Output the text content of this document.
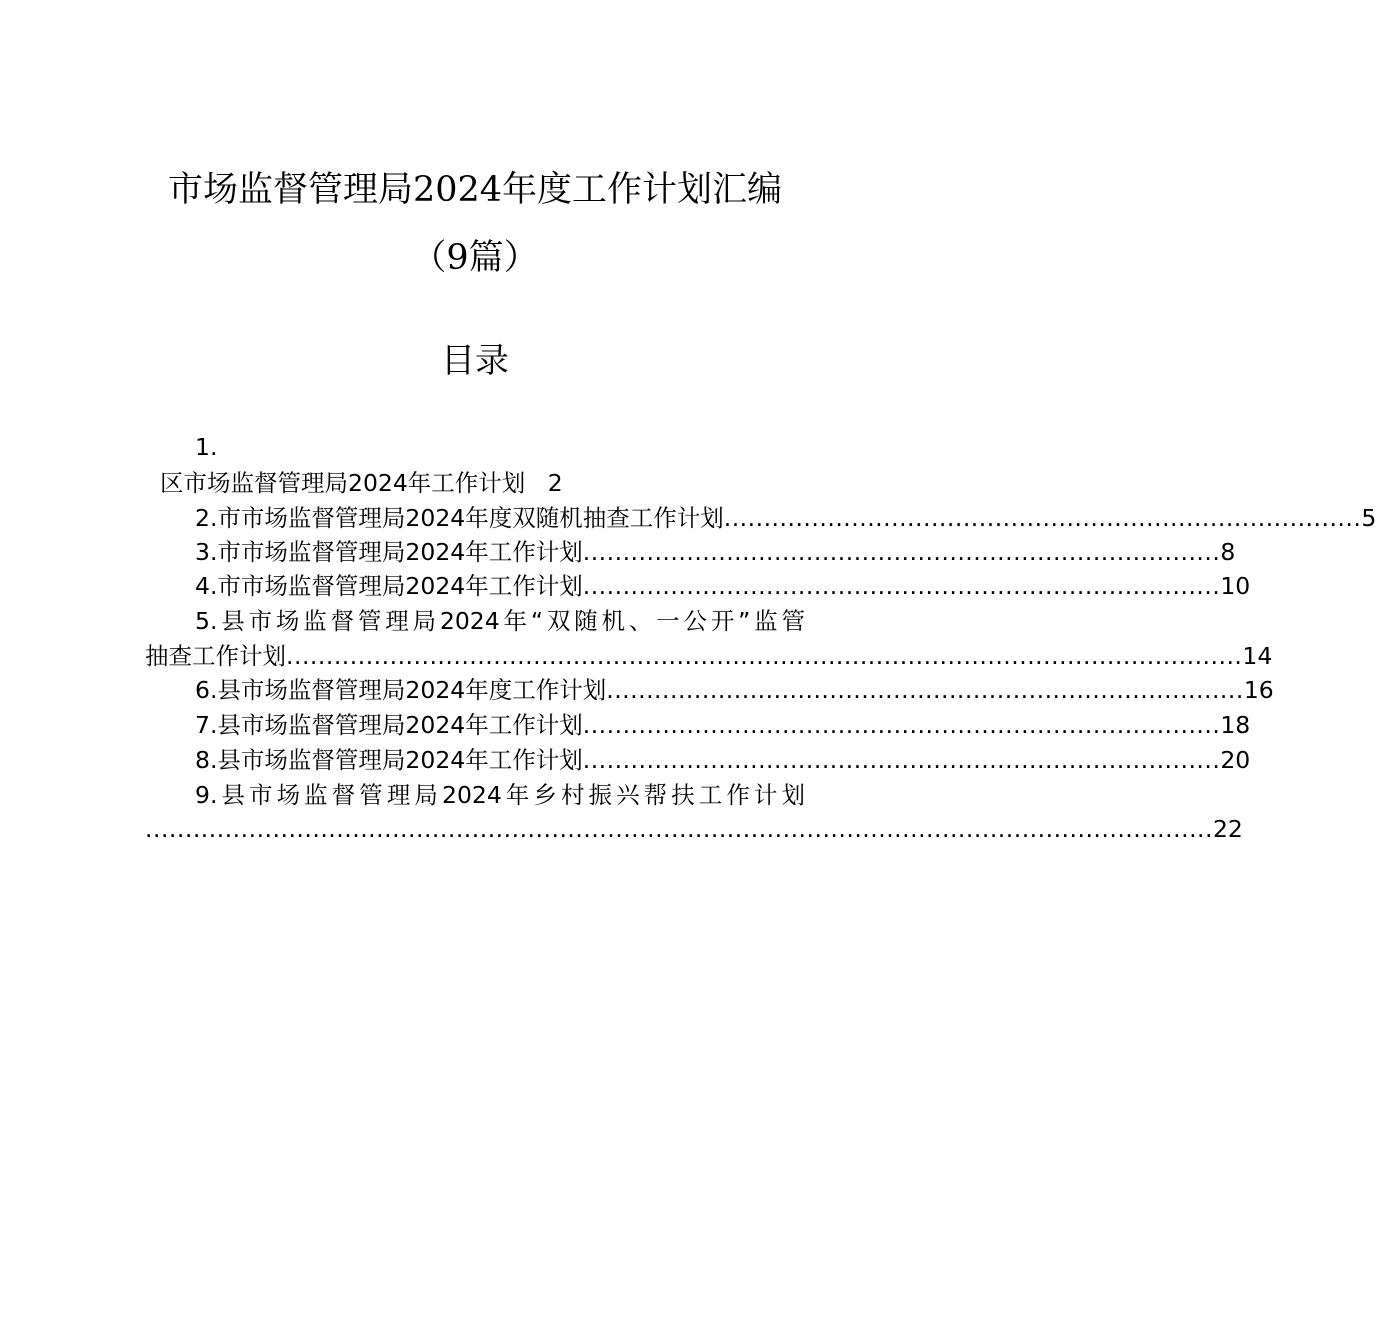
市场监督管理局2024年度工作计划汇编
（9篇）
目录
1.
区市场监督管理局2024年工作计划 2
2.市市场监督管理局2024年度双随机抽查工作计划 ................................................................................ 5
3.市市场监督管理局2024年工作计划 ................................................................................ 8
4.市市场监督管理局2024年工作计划 ................................................................................ 10
5.县市场监督管理局2024年“双随机、一公开”监管
抽查工作计划 ........................................................................................................................ 14
6.县市场监督管理局2024年度工作计划 ................................................................................ 16
7.县市场监督管理局2024年工作计划 ................................................................................ 18
8.县市场监督管理局2024年工作计划 ................................................................................ 20
9.县市场监督管理局2024年乡村振兴帮扶工作计划
...................................................................................................................................... 22
